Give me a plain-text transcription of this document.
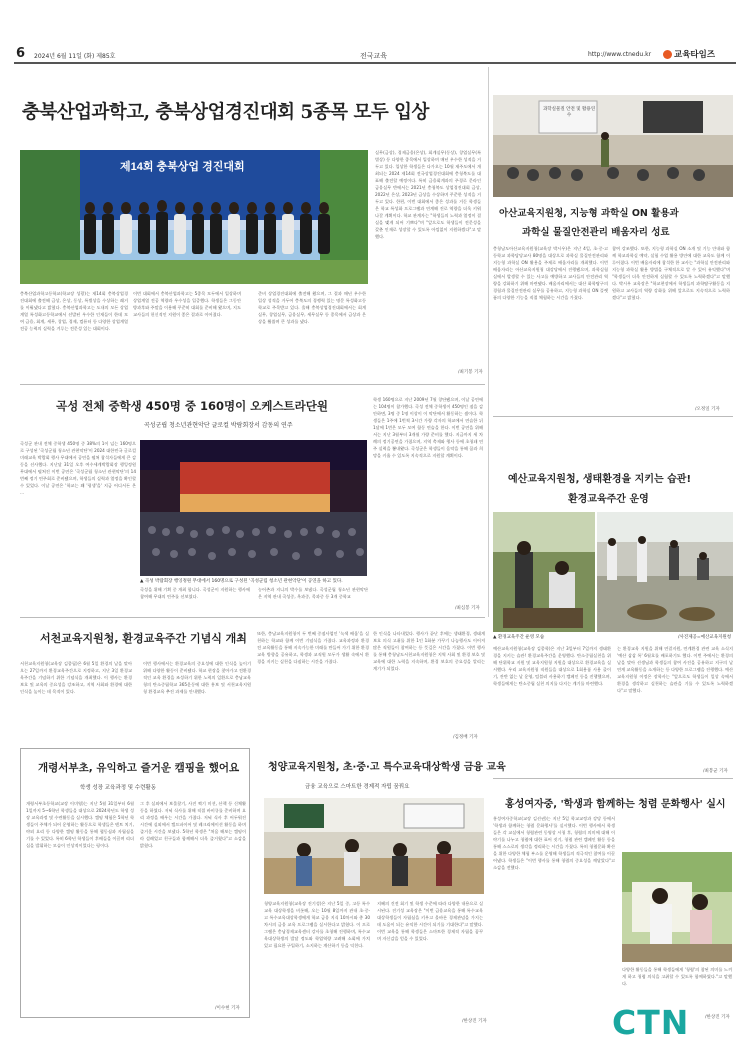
6 2024년 6월 11일 (화) 제85호	전국교육	http://www.ctnedu.kr	교육타임즈
충북산업과학고, 충북상업경진대회 5종목 모두 입상
제14회 충북상업 경진대회
충북산업과학고등학교(학교장 성광)는 제14회 충북상업경진대회에 출전해 금상, 은상, 동상, 특별상을 수상하는 쾌거를 이뤄냈다고 밝혔다. 충북산업과학고는 도내의 모든 상업계열 특성화고등학교에서 선발된 우수한 인재들이 한데 모여 금융, 회계, 세무, 창업, 경제, 컴퓨터 등 다양한 상업계열 전공 능력의 실력을 겨루는 전문성 있는 대회이다.
이번 대회에서 충북산업과학고는 5종목 모두에서 입상하며 상업계열 전공 역량과 우수성을 입증했다. 학생들은 그동안 방과후와 주말을 이용해 꾸준히 대회를 준비해 왔으며, 지도교사들의 헌신적인 지원이 좋은 결과로 이어졌다.
준비 상업경진대회에 출전해 왔으며, 그 결과 매년 우수한 입상 성적을 거두어 충북도의 경쟁력 있는 명문 특성화고등학교로 주목받고 있다. 올해 충북상업경진대회에서는 회계실무, 창업실무, 금융실무, 세무실무 등 종목에서 금상과 은상을 휩쓸며 큰 성과를 냈다.
실무(금상), 경제금융(은상), 회계실무(동상), 창업실무(특별상) 등 다양한 종목에서 입상하며 매년 우수한 성적을 거두고 있다. 입상한 학생들은 다가오는 10월 제주도에서 개최되는 2024 제14회 전국상업경진대회에 충청북도를 대표해 출전할 예정이다. 특히 금융회계과의 주경로 문라인 금융실무 반에서는 2021년 충청북도 상업경진대회 금상, 2022년 은상, 2023년 금상을 수상하며 꾸준한 성적을 거두고 있다. 한편, 이번 대회에서 좋은 성과를 거둔 학생들은 학교 특성화 프로그램과 연계해 진로 역량을 더욱 키워 나갈 계획이다. 학교 관계자는 "학생들의 노력과 열정이 결실을 맺게 되어 기쁘다"며 "앞으로도 학생들이 전문성을 갖춘 인재로 성장할 수 있도록 아낌없이 지원하겠다"고 말했다.
/최기봉 기자
과학실물질 안전 및 활용연수
아산교육지원청, 지능형 과학실 ON 활용과
과학실 물질안전관리 배움자리 성료
충청남도아산교육지원청(교육장 박시우)은 지난 4일, 초·중·고등학교 과학담당교사 80명을 대상으로 과학실 물질안전관리와 지능형 과학실 ON 활용을 주제로 배움자리를 개최했다. 이번 배움자리는 아산교육지원청 대강당에서 진행됐으며, 과학실험실에서 발생할 수 있는 사고를 예방하고 교사들의 안전관리 역량을 강화하기 위해 마련됐다. 배움자리에서는 대산 화학탐구의 경험과 물질안전관리 실무를 공유하고, 지능형 과학실 ON 플랫폼의 다양한 기능을 직접 체험하는 시간을 가졌다.
참여 강조했다. 또한, 지능형 과학실 ON 소개 및 기능 안내와 함께 학교과학실 예약, 실험 수업 활용 방안에 대한 교육도 함께 이루어졌다. 이번 배움자리에 참석한 한 교사는 "과학실 안전관리와 지능형 과학실 활용 방법을 구체적으로 알 수 있어 유익했다"며 "학생들이 더욱 안전하게 실험할 수 있도록 노력하겠다"고 말했다. 박시우 교육장은 "학교현장에서 학생들의 과학탐구활동을 지원하고 교사들의 역량 강화를 위해 앞으로도 지속적으로 노력하겠다"고 밝혔다.
/오정일 기자
곡성 전체 중학생 450명 중 160명이 오케스트라단원
곡성군립 청소년관현악단 글로컬 박람회장서 감동의 연주
곡성군 관내 전체 중학생 450명 중 38%의 1이 넘는 160명으로 구성된 '곡성군립 청소년 관현악단'이 2024 대한민국 글로컬 미래교육 박람회 행사 무대에서 공연을 펼쳐 참석자들에게 큰 감동을 선사했다. 지난달 31일 오후 여수세계박람회장 행잉정원 무대에서 펼쳐진 이번 공연은 '곡성군립 청소년 관현악단'의 14번째 정기 연주회로 준비됐으며, 학생들의 실력과 열정을 확인할 수 있었다. 이날 공연은 '학교는 왜 '평생'을' 지금 어디서든 온 ...
▲ 곡성 박람회장 행잉정원 무대에서 160명으로 구성된 '곡성군립 청소년 관현악단'이 공연을 하고 있다.
곡성을 위해 기획 중 개최 합니다. 곡성군이 지원하는 행사에 참여해 무대의 연주를 선보였다.
농어촌과 지니의 박수를 보냈다. 곡성군립 청소년 관현악단은 지역 관내 곡성중, 옥과중, 목과중 등 3개 중학교
학생 160명으로 지난 2009년 7월 창단됐으며, 이날 공연에는 104명이 참가했다. 곡성 전체 중학생이 450명인 점을 감안하면, 3명 중 1명 이상이 이 악단에서 활동하는 셈이다. 학생들은 1주에 1번씩 3시간 가량 각자의 학교에서 연습한 뒤 1달에 1번은 모두 모여 합동 연습을 한다. 이번 공연을 위해서는 지난 3월부터 3개월 가량 준비를 했다. 지금까지 세 차례의 정기공연을 가졌으며, 지역 축제와 행사 등에 초청돼 연주 실력을 뽐내왔다. 곡성군은 학생들이 음악을 통해 꿈과 희망을 키울 수 있도록 지속적으로 지원할 계획이다.
/최심봉 기자
예산교육지원청, 생태환경을 지키는 습관!
환경교육주간 운영
▲ 환경교육주간 운영 모습	/사진제공=예산교육지원청
예산교육지원청(교육장 김종학)은 지난 3일부터 7일까지 생태환경을 지키는 습관! 환경교육주간을 운영했다. 탄소중립실천을 위해 단위학교 지원 및 교육지원청 지원을 대상으로 환경교육을 실시했다. 우리 교육지원청 직원들을 대상으로 1회용품 사용 줄이기, 잔반 없는 날 운영, 텀블러 사용하기 캠페인 등을 진행했으며, 학생들에게는 탄소중립 실천 의지를 다지는 계기를 마련했다.
는 환경교육 지원을 위해 연결지원, 연계환경 관련 교육 소식지 '예산 삼삼 톡' 6월호를 배포하기도 했다. 이번 주에서는 환경의 날을 맞아 선생님과 학생들의 참여 사진을 공유하고 지구의 날 연계 교육활동을 소개하는 등 다양한 프로그램을 진행했다. 예산교육지원청 이정은 장학사는 "앞으로도 학생들이 일상 속에서 환경을 생각하고 실천하는 습관을 기를 수 있도록 노력하겠다"고 말했다.
/최봉균 기자
서천교육지원청, 환경교육주간 기념식 개최
서천교육지원청(교육장 김종필)은 6월 5일 환경의 날을 맞아 오는 27일까지 환경교육주간으로 지정하고, 지난 3일 환경교육주간을 기념하기 위한 기념식을 개최했다. 이 행사는 환경 보호 및 교육의 중요성을 강조하고, 지역 사회와 환경에 대한 인식을 높이는 데 목적이 있다.
이번 행사에서는 환경교육의 중요성에 대한 인식을 높이기 위해 다양한 활동이 준비됐다. 학교 현장을 찾아가고 전환경적인 교육 환경을 조성하기 위한 노력의 일환으로 충남교육청의 탄소중립학교 365운동에 대한 홍보 및 서천교육지원청 환경교육 추진 과제를 안내했다.
또한, 충남교육지원청이 두 번째 중점사업인 '녹색 배움'을 실천하는 학교와 함께 이번 기념식을 가졌다. 교육과정과 환경 전 교육활동을 통해 지속가능한 미래를 만들어 가기 위한 환경교육 방향을 공유하고, 학생과 교직원 모두가 생활 속에서 환경을 지키는 실천을 다짐하는 시간을 가졌다.
한 인식을 나타내었다. 행사가 끝난 후에는 생태환경, 생태계 보호 의식 고취를 위한 1인 1화분 가꾸기 나눔행사도 이어져 많은 직원들이 참여하는 등 뜻깊은 시간을 가졌다. 이번 행사를 통해 충청남도서천교육지원청은 지역 사회 및 환경 보호 및 교육에 대한 노력을 지속하며, 환경 보호의 중요성을 알리는 계기가 되었다.
/김정배 기자
개령서부초, 유익하고 즐거운 캠핑을 했어요
학생 성장 교육과정 및 수련활동
개령서부초등학교(교장 이미영)는 지난 5월 31일부터 6월 1일까지 5~6학년 학생들을 대상으로 2024학년도 학생 성장 교육과정 및 수련활동을 실시했다. 캠핑 체험은 5학년 학생들이 주체가 되어 운영하는 활동으로 학생들은 텐트 치기, 야외 요리 등 다양한 캠핑 활동을 통해 협동심과 자립심을 기를 수 있었다. 특히 6학년 학생들이 후배들을 이끌며 리더십을 발휘하는 모습이 인상적이었다는 평이다.
그 후 실외에서 보물찾기, 사진 찍기 미션, 산책 등 신체활동을 하였다. 저녁 식사를 위해 직접 바비큐를 준비하며 요리 과정을 배우는 시간을 가졌다. 저녁 식사 후 어두워진 시간에 실외에서 캠프파이어 및 레크리에이션 활동을 하며 즐거운 시간을 보냈다. 5학년 학생은 "처음 해보는 캠핑이라 설레었고 친구들과 함께해서 더욱 즐거웠다"고 소감을 밝혔다.
/이수현 기자
청양교육지원청, 초·중·고 특수교육대상학생 금융 교육
금융 교육으로 스마트한 경제적 자립 꿈꿔요
청양교육지원청(교육장 진기성)은 지난 5일 중, 고등 특수교육 대상학생을 비롯해, 오는 10월 8일까지 관내 초·중·고 특수교육대상학생에게 학교 금융 지식 10차시와 총 30차시의 금융 교육 프로그램을 실시한다고 밝혔다. 이 프로그램은 충남경제교육센터 강사를 초청해 진행하며, 특수교육대상학생의 발달 정도와 학업역량 고려해 소회에 가치 있고 필요한 구입하기, 소지하는 계산하기 등을 익힌다.
지혜의 건전 회기 및 학생 수준에 따라 다양한 내용으로 실시된다. 진기성 교육장은 "이번 금융교육을 통해 특수교육대상학생들이 자립심을 키우고 올바른 경제관념을 가지는 데 도움이 되는 유익한 시간이 되기를 기대한다"고 말했다. 이번 교육을 통해 학생들은 스마트한 경제적 자립을 꿈꾸며 자신감을 얻을 수 있었다.
/한상진 기자
홍성여자중, '학생과 함께하는 청렴 문화행사' 실시
홍성여자중학교(교장 김선권)는 지난 5일 학교교정과 강당 등에서 '학생과 함께하는 청렴 문화행사'를 실시했다. 이번 행사에서 학생들은 각 교실에서 청렴관련 동영상 시청 후, 청렴의 의미에 대해 이야기를 나누고 청렴에 대한 표어 짓기, 청렴 관련 캠페인 활동 등을 통해 스스로의 생각을 정리하는 시간을 가졌다. 특히 청렴문화 확산을 위한 다양한 체험 부스를 운영해 학생들의 적극적인 참여를 이끌어냈다. 학생들은 "이번 행사를 통해 청렴의 중요성을 깨달았다"고 소감을 전했다.
다양한 활동들을 통해 학생들에게 '청렴'의 참된 의미를 느끼게 하고 청렴 의식을 고취할 수 있도록 함께하였다."고 말했다.
/한상진 기자
CTN
